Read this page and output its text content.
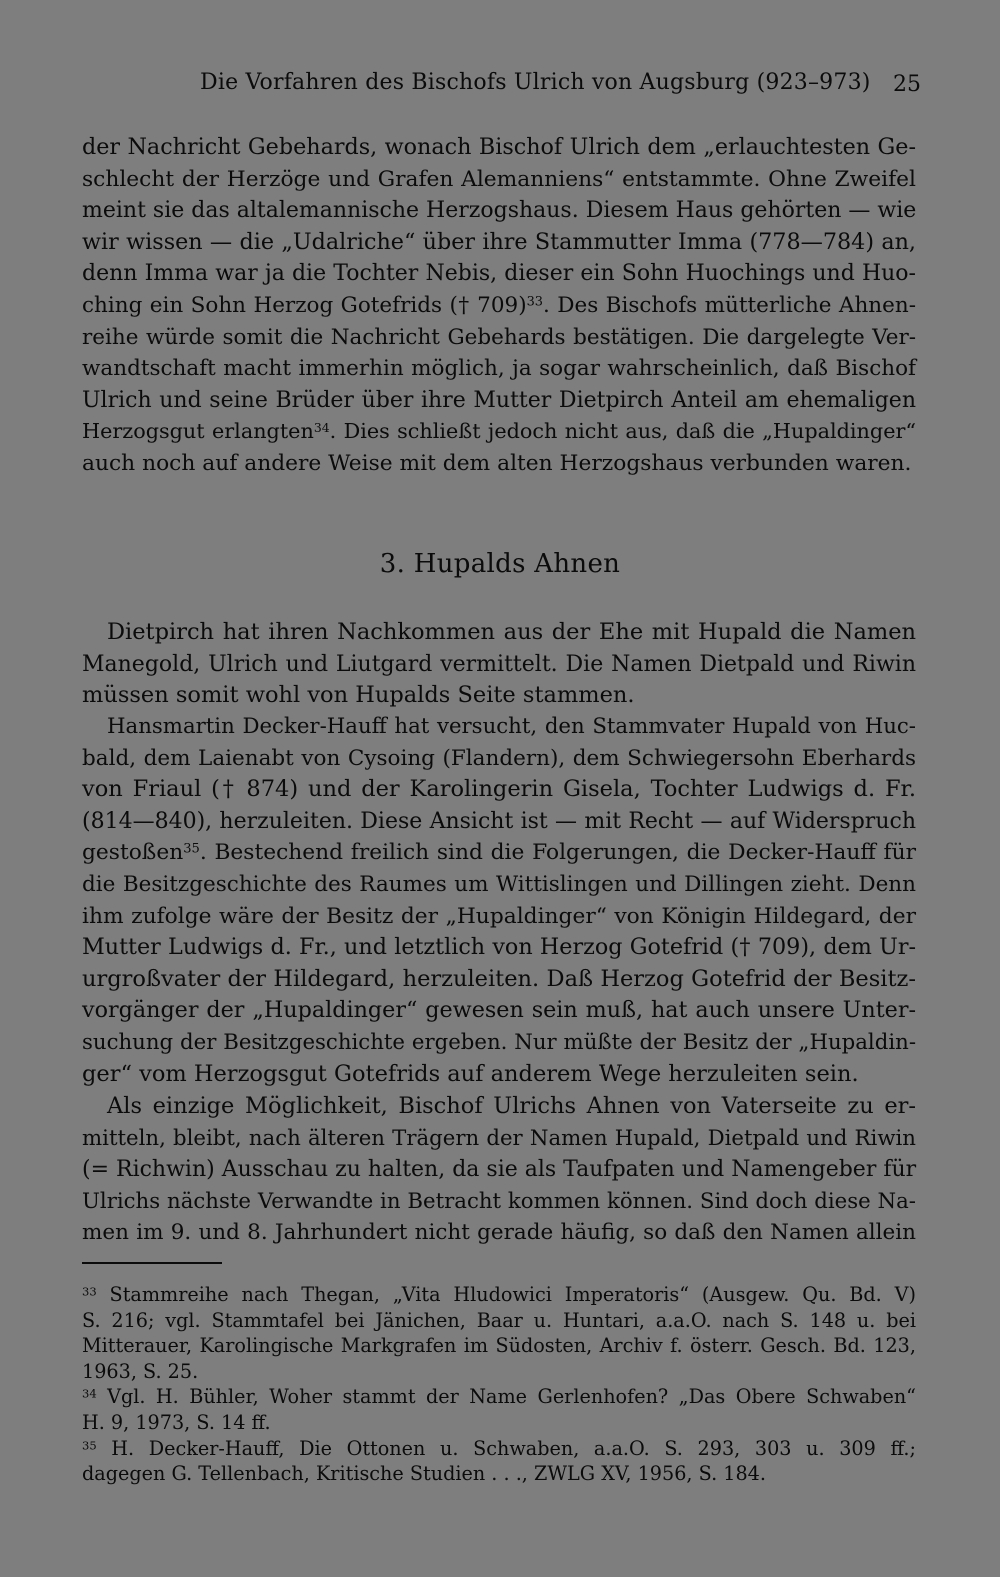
Die Vorfahren des Bischofs Ulrich von Augsburg (923–973) 25

der Nachricht Gebehards, wonach Bischof Ulrich dem „erlauchtesten Ge-
schlecht der Herzöge und Grafen Alemanniens“ entstammte. Ohne Zweifel
meint sie das altalemannische Herzogshaus. Diesem Haus gehörten — wie
wir wissen — die „Udalriche“ über ihre Stammutter Imma (778—784) an,
denn Imma war ja die Tochter Nebis, dieser ein Sohn Huochings und Huo-
ching ein Sohn Herzog Gotefrids († 709)$^{33}$. Des Bischofs mütterliche Ahnen-
reihe würde somit die Nachricht Gebehards bestätigen. Die dargelegte Ver-
wandtschaft macht immerhin möglich, ja sogar wahrscheinlich, daß Bischof
Ulrich und seine Brüder über ihre Mutter Dietpirch Anteil am ehemaligen
Herzogsgut erlangten$^{34}$. Dies schließt jedoch nicht aus, daß die „Hupaldinger“
auch noch auf andere Weise mit dem alten Herzogshaus verbunden waren.

3. Hupalds Ahnen

Dietpirch hat ihren Nachkommen aus der Ehe mit Hupald die Namen
Manegold, Ulrich und Liutgard vermittelt. Die Namen Dietpald und Riwin
müssen somit wohl von Hupalds Seite stammen.

Hansmartin Decker-Hauff hat versucht, den Stammvater Hupald von Huc-
bald, dem Laienabt von Cysoing (Flandern), dem Schwiegersohn Eberhards
von Friaul († 874) und der Karolingerin Gisela, Tochter Ludwigs d. Fr.
(814—840), herzuleiten. Diese Ansicht ist — mit Recht — auf Widerspruch
gestoßen$^{35}$. Bestechend freilich sind die Folgerungen, die Decker-Hauff für
die Besitzgeschichte des Raumes um Wittislingen und Dillingen zieht. Denn
ihm zufolge wäre der Besitz der „Hupaldinger“ von Königin Hildegard, der
Mutter Ludwigs d. Fr., und letztlich von Herzog Gotefrid († 709), dem Ur-
urgroßvater der Hildegard, herzuleiten. Daß Herzog Gotefrid der Besitz-
vorgänger der „Hupaldinger“ gewesen sein muß, hat auch unsere Unter-
suchung der Besitzgeschichte ergeben. Nur müßte der Besitz der „Hupaldin-
ger“ vom Herzogsgut Gotefrids auf anderem Wege herzuleiten sein.

Als einzige Möglichkeit, Bischof Ulrichs Ahnen von Vaterseite zu er-
mitteln, bleibt, nach älteren Trägern der Namen Hupald, Dietpald und Riwin
(= Richwin) Ausschau zu halten, da sie als Taufpaten und Namengeber für
Ulrichs nächste Verwandte in Betracht kommen können. Sind doch diese Na-
men im 9. und 8. Jahrhundert nicht gerade häufig, so daß den Namen allein

$^{33}$ Stammreihe nach Thegan, „Vita Hludowici Imperatoris“ (Ausgew. Qu. Bd. V)
S. 216; vgl. Stammtafel bei Jänichen, Baar u. Huntari, a.a.O. nach S. 148 u. bei
Mitterauer, Karolingische Markgrafen im Südosten, Archiv f. österr. Gesch. Bd. 123,
1963, S. 25.
$^{34}$ Vgl. H. Bühler, Woher stammt der Name Gerlenhofen? „Das Obere Schwaben“
H. 9, 1973, S. 14 ff.
$^{35}$ H. Decker-Hauff, Die Ottonen u. Schwaben, a.a.O. S. 293, 303 u. 309 ff.;
dagegen G. Tellenbach, Kritische Studien . . ., ZWLG XV, 1956, S. 184.
